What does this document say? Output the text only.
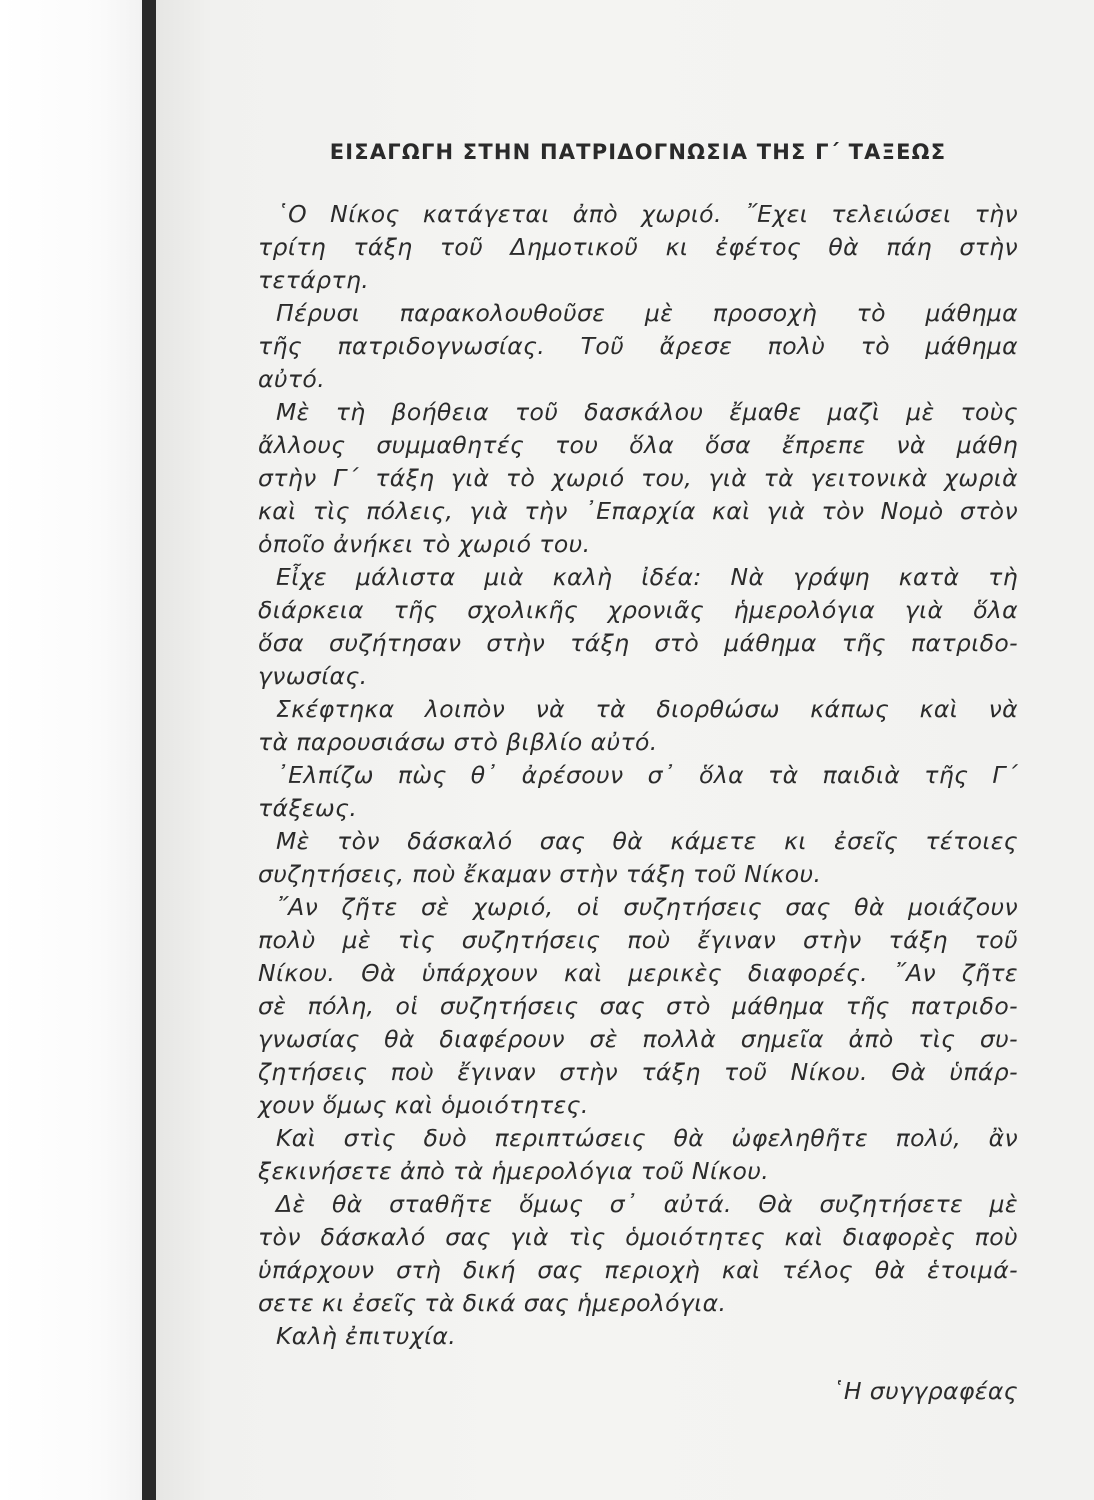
ΕΙΣΑΓΩΓΗ ΣΤΗΝ ΠΑΤΡΙΔΟΓΝΩΣΙΑ ΤΗΣ Γ΄ ΤΑΞΕΩΣ
῾Ο Νίκος κατάγεται ἀπὸ χωριό. ῎Εχει τελειώσει τὴν
τρίτη τάξη τοῦ Δημοτικοῦ κι ἐφέτος θὰ πάη στὴν
τετάρτη.
Πέρυσι παρακολουθοῦσε μὲ προσοχὴ τὸ μάθημα
τῆς πατριδογνωσίας. Τοῦ ἄρεσε πολὺ τὸ μάθημα
αὐτό.
Μὲ τὴ βοήθεια τοῦ δασκάλου ἔμαθε μαζὶ μὲ τοὺς
ἄλλους συμμαθητές του ὅλα ὅσα ἔπρεπε νὰ μάθη
στὴν Γ΄ τάξη γιὰ τὸ χωριό του, γιὰ τὰ γειτονικὰ χωριὰ
καὶ τὶς πόλεις, γιὰ τὴν ᾿Επαρχία καὶ γιὰ τὸν Νομὸ στὸν
ὁποῖο ἀνήκει τὸ χωριό του.
Εἶχε μάλιστα μιὰ καλὴ ἰδέα: Νὰ γράψη κατὰ τὴ
διάρκεια τῆς σχολικῆς χρονιᾶς ἡμερολόγια γιὰ ὅλα
ὅσα συζήτησαν στὴν τάξη στὸ μάθημα τῆς πατριδο-
γνωσίας.
Σκέφτηκα λοιπὸν νὰ τὰ διορθώσω κάπως καὶ νὰ
τὰ παρουσιάσω στὸ βιβλίο αὐτό.
᾿Ελπίζω πὼς θ᾿ ἀρέσουν σ᾿ ὅλα τὰ παιδιὰ τῆς Γ΄
τάξεως.
Μὲ τὸν δάσκαλό σας θὰ κάμετε κι ἐσεῖς τέτοιες
συζητήσεις, ποὺ ἔκαμαν στὴν τάξη τοῦ Νίκου.
῎Αν ζῆτε σὲ χωριό, οἱ συζητήσεις σας θὰ μοιάζουν
πολὺ μὲ τὶς συζητήσεις ποὺ ἔγιναν στὴν τάξη τοῦ
Νίκου. Θὰ ὑπάρχουν καὶ μερικὲς διαφορές. ῎Αν ζῆτε
σὲ πόλη, οἱ συζητήσεις σας στὸ μάθημα τῆς πατριδο-
γνωσίας θὰ διαφέρουν σὲ πολλὰ σημεῖα ἀπὸ τὶς συ-
ζητήσεις ποὺ ἔγιναν στὴν τάξη τοῦ Νίκου. Θὰ ὑπάρ-
χουν ὅμως καὶ ὁμοιότητες.
Καὶ στὶς δυὸ περιπτώσεις θὰ ὠφεληθῆτε πολύ, ἂν
ξεκινήσετε ἀπὸ τὰ ἡμερολόγια τοῦ Νίκου.
Δὲ θὰ σταθῆτε ὅμως σ᾿ αὐτά. Θὰ συζητήσετε μὲ
τὸν δάσκαλό σας γιὰ τὶς ὁμοιότητες καὶ διαφορὲς ποὺ
ὑπάρχουν στὴ δική σας περιοχὴ καὶ τέλος θὰ ἑτοιμά-
σετε κι ἐσεῖς τὰ δικά σας ἡμερολόγια.
Καλὴ ἐπιτυχία.
῾Η συγγραφέας
